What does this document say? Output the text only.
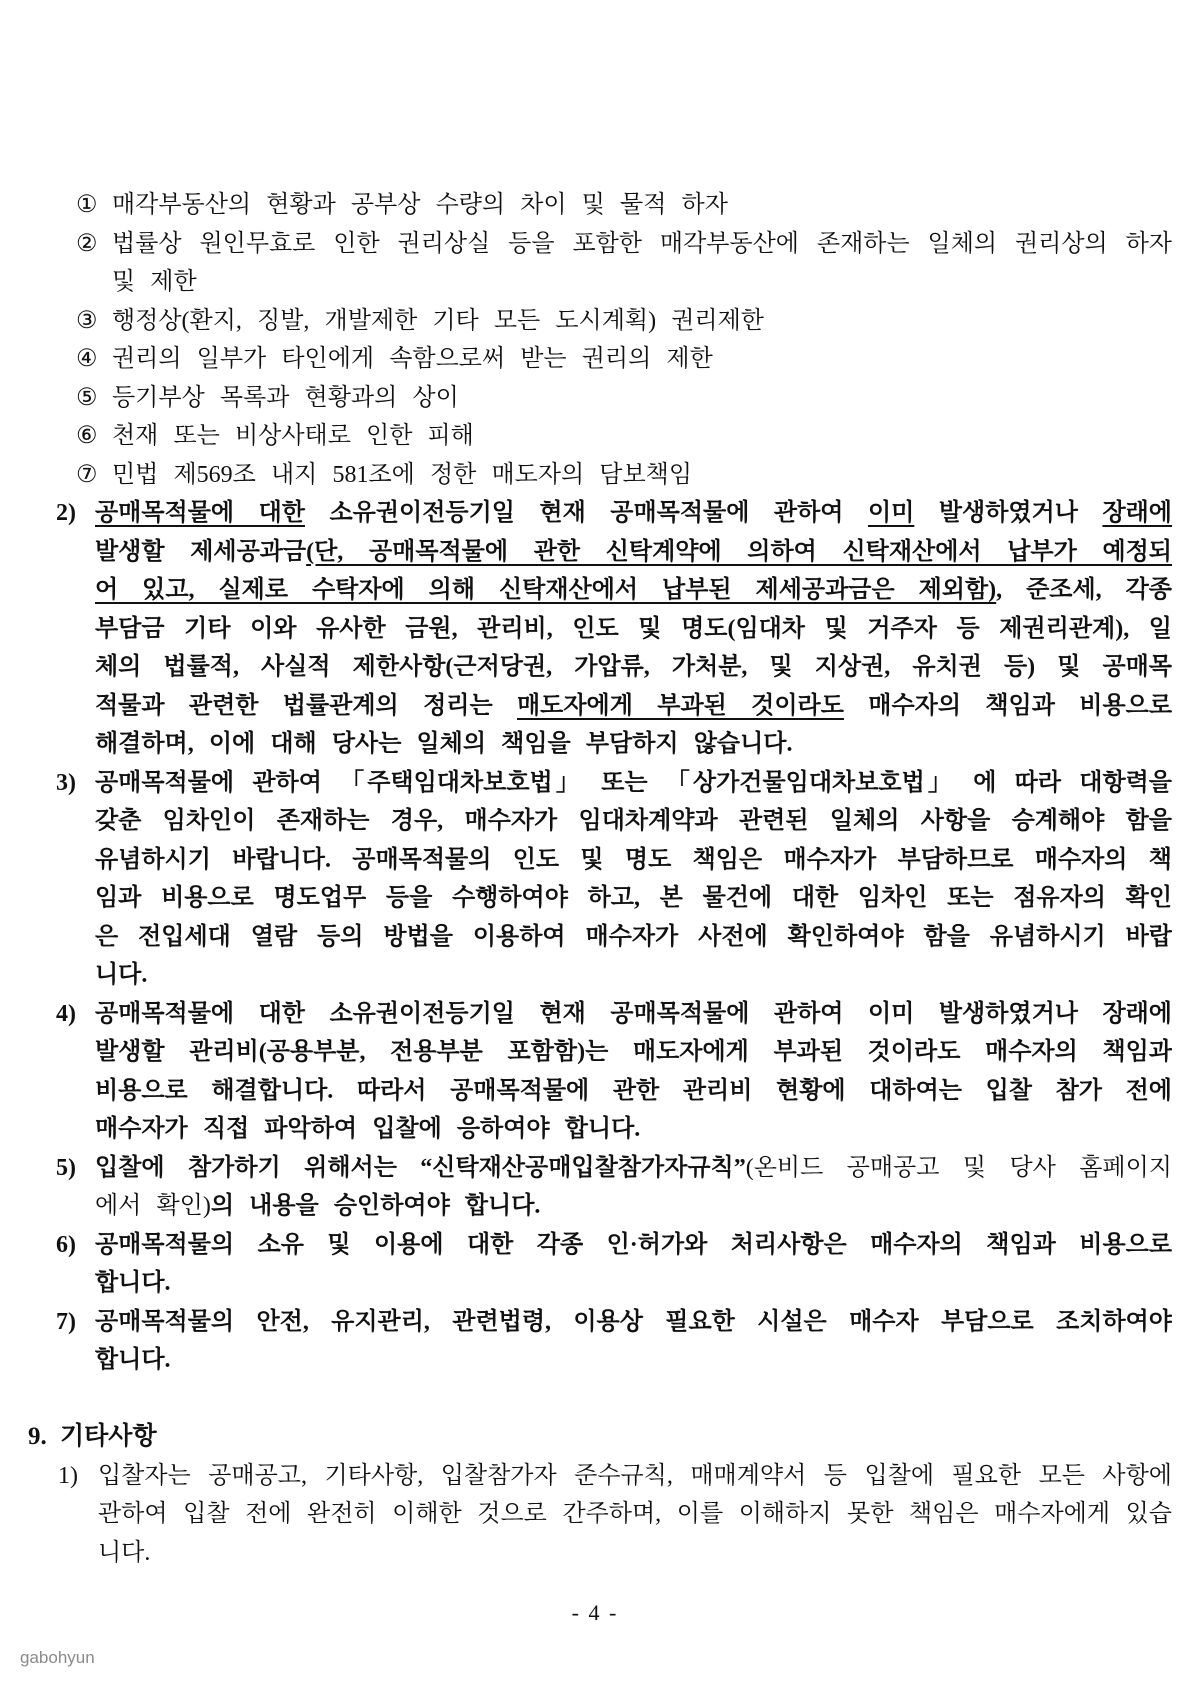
① 매각부동산의 현황과 공부상 수량의 차이 및 물적 하자
② 법률상 원인무효로 인한 권리상실 등을 포함한 매각부동산에 존재하는 일체의 권리상의 하자
및 제한
③ 행정상(환지, 징발, 개발제한 기타 모든 도시계획) 권리제한
④ 권리의 일부가 타인에게 속함으로써 받는 권리의 제한
⑤ 등기부상 목록과 현황과의 상이
⑥ 천재 또는 비상사태로 인한 피해
⑦ 민법 제569조 내지 581조에 정한 매도자의 담보책임
2) 공매목적물에 대한 소유권이전등기일 현재 공매목적물에 관하여 이미 발생하였거나 장래에
발생할 제세공과금(단, 공매목적물에 관한 신탁계약에 의하여 신탁재산에서 납부가 예정되
어 있고, 실제로 수탁자에 의해 신탁재산에서 납부된 제세공과금은 제외함), 준조세, 각종
부담금 기타 이와 유사한 금원, 관리비, 인도 및 명도(임대차 및 거주자 등 제권리관계), 일
체의 법률적, 사실적 제한사항(근저당권, 가압류, 가처분, 및 지상권, 유치권 등) 및 공매목
적물과 관련한 법률관계의 정리는 매도자에게 부과된 것이라도 매수자의 책임과 비용으로
해결하며, 이에 대해 당사는 일체의 책임을 부담하지 않습니다.
3) 공매목적물에 관하여 「주택임대차보호법」 또는 「상가건물임대차보호법」 에 따라 대항력을
갖춘 임차인이 존재하는 경우, 매수자가 임대차계약과 관련된 일체의 사항을 승계해야 함을
유념하시기 바랍니다. 공매목적물의 인도 및 명도 책임은 매수자가 부담하므로 매수자의 책
임과 비용으로 명도업무 등을 수행하여야 하고, 본 물건에 대한 임차인 또는 점유자의 확인
은 전입세대 열람 등의 방법을 이용하여 매수자가 사전에 확인하여야 함을 유념하시기 바랍
니다.
4) 공매목적물에 대한 소유권이전등기일 현재 공매목적물에 관하여 이미 발생하였거나 장래에
발생할 관리비(공용부분, 전용부분 포함함)는 매도자에게 부과된 것이라도 매수자의 책임과
비용으로 해결합니다. 따라서 공매목적물에 관한 관리비 현황에 대하여는 입찰 참가 전에
매수자가 직접 파악하여 입찰에 응하여야 합니다.
5) 입찰에 참가하기 위해서는 “신탁재산공매입찰참가자규칙”(온비드 공매공고 및 당사 홈페이지
에서 확인)의 내용을 승인하여야 합니다.
6) 공매목적물의 소유 및 이용에 대한 각종 인·허가와 처리사항은 매수자의 책임과 비용으로
합니다.
7) 공매목적물의 안전, 유지관리, 관련법령, 이용상 필요한 시설은 매수자 부담으로 조치하여야
합니다.
9. 기타사항
1) 입찰자는 공매공고, 기타사항, 입찰참가자 준수규칙, 매매계약서 등 입찰에 필요한 모든 사항에
관하여 입찰 전에 완전히 이해한 것으로 간주하며, 이를 이해하지 못한 책임은 매수자에게 있습
니다.
- 4 -
gabohyun
